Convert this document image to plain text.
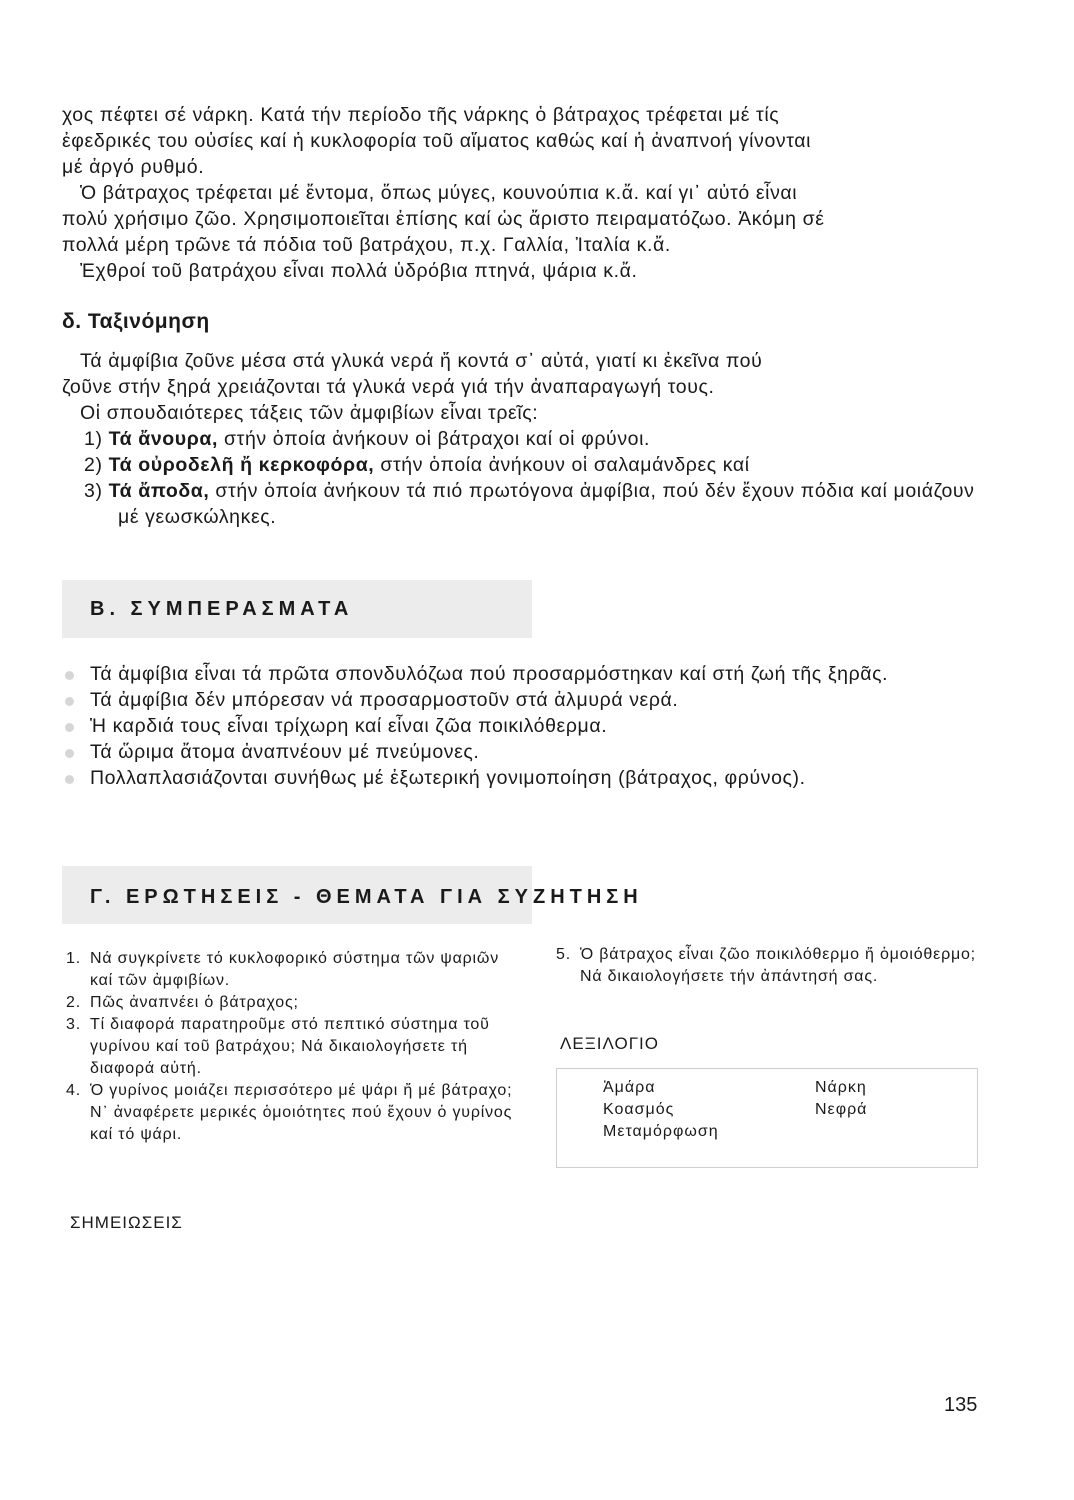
χος πέφτει σέ νάρκη. Κατά τήν περίοδο τῆς νάρκης ὁ βάτραχος τρέφεται μέ τίς

ἐφεδρικές του οὐσίες καί ἡ κυκλοφορία τοῦ αἵματος καθώς καί ἡ ἀναπνοή γίνονται

μέ ἀργό ρυθμό.

Ὁ βάτραχος τρέφεται μέ ἔντομα, ὅπως μύγες, κουνούπια κ.ἄ. καί γι᾽ αὐτό εἶναι

πολύ χρήσιμο ζῶο. Χρησιμοποιεῖται ἐπίσης καί ὡς ἄριστο πειραματόζωο. Ἀκόμη σέ

πολλά μέρη τρῶνε τά πόδια τοῦ βατράχου, π.χ. Γαλλία, Ἰταλία κ.ἄ.

Ἐχθροί τοῦ βατράχου εἶναι πολλά ὑδρόβια πτηνά, ψάρια κ.ἄ.

δ. Ταξινόμηση

Τά ἀμφίβια ζοῦνε μέσα στά γλυκά νερά ἤ κοντά σ᾽ αὐτά, γιατί κι ἐκεῖνα πού

ζοῦνε στήν ξηρά χρειάζονται τά γλυκά νερά γιά τήν ἀναπαραγωγή τους.

Οἱ σπουδαιότερες τάξεις τῶν ἀμφιβίων εἶναι τρεῖς:

1) Τά ἄνουρα, στήν ὁποία ἀνήκουν οἱ βάτραχοι καί οἱ φρύνοι.
2) Τά οὐροδελῆ ἤ κερκοφόρα, στήν ὁποία ἀνήκουν οἱ σαλαμάνδρες καί
3) Τά ἄποδα, στήν ὁποία ἀνήκουν τά πιό πρωτόγονα ἀμφίβια, πού δέν ἔχουν πόδια καί μοιάζουν μέ γεωσκώληκες.
Β. ΣΥΜΠΕΡΑΣΜΑΤΑ
Τά ἀμφίβια εἶναι τά πρῶτα σπονδυλόζωα πού προσαρμόστηκαν καί στή ζωή τῆς ξηρᾶς.
Τά ἀμφίβια δέν μπόρεσαν νά προσαρμοστοῦν στά ἁλμυρά νερά.
Ἡ καρδιά τους εἶναι τρίχωρη καί εἶναι ζῶα ποικιλόθερμα.
Τά ὥριμα ἄτομα ἀναπνέουν μέ πνεύμονες.
Πολλαπλασιάζονται συνήθως μέ ἐξωτερική γονιμοποίηση (βάτραχος, φρύνος).
Γ. ΕΡΩΤΗΣΕΙΣ - ΘΕΜΑΤΑ ΓΙΑ ΣΥΖΗΤΗΣΗ
1. Νά συγκρίνετε τό κυκλοφορικό σύστημα τῶν ψαριῶν καί τῶν ἀμφιβίων.
2. Πῶς ἀναπνέει ὁ βάτραχος;
3. Τί διαφορά παρατηροῦμε στό πεπτικό σύστημα τοῦ γυρίνου καί τοῦ βατράχου; Νά δικαιολογήσετε τή διαφορά αὐτή.
4. Ὁ γυρίνος μοιάζει περισσότερο μέ ψάρι ἤ μέ βάτραχο; Ν᾽ ἀναφέρετε μερικές ὁμοιότητες πού ἔχουν ὁ γυρίνος καί τό ψάρι.
5. Ὁ βάτραχος εἶναι ζῶο ποικιλόθερμο ἤ ὁμοιόθερμο; Νά δικαιολογήσετε τήν ἀπάντησή σας.
ΛΕΞΙΛΟΓΙΟ
Ἀμάρα
Κοασμός
Μεταμόρφωση
Νάρκη
Νεφρά
ΣΗΜΕΙΩΣΕΙΣ
135
